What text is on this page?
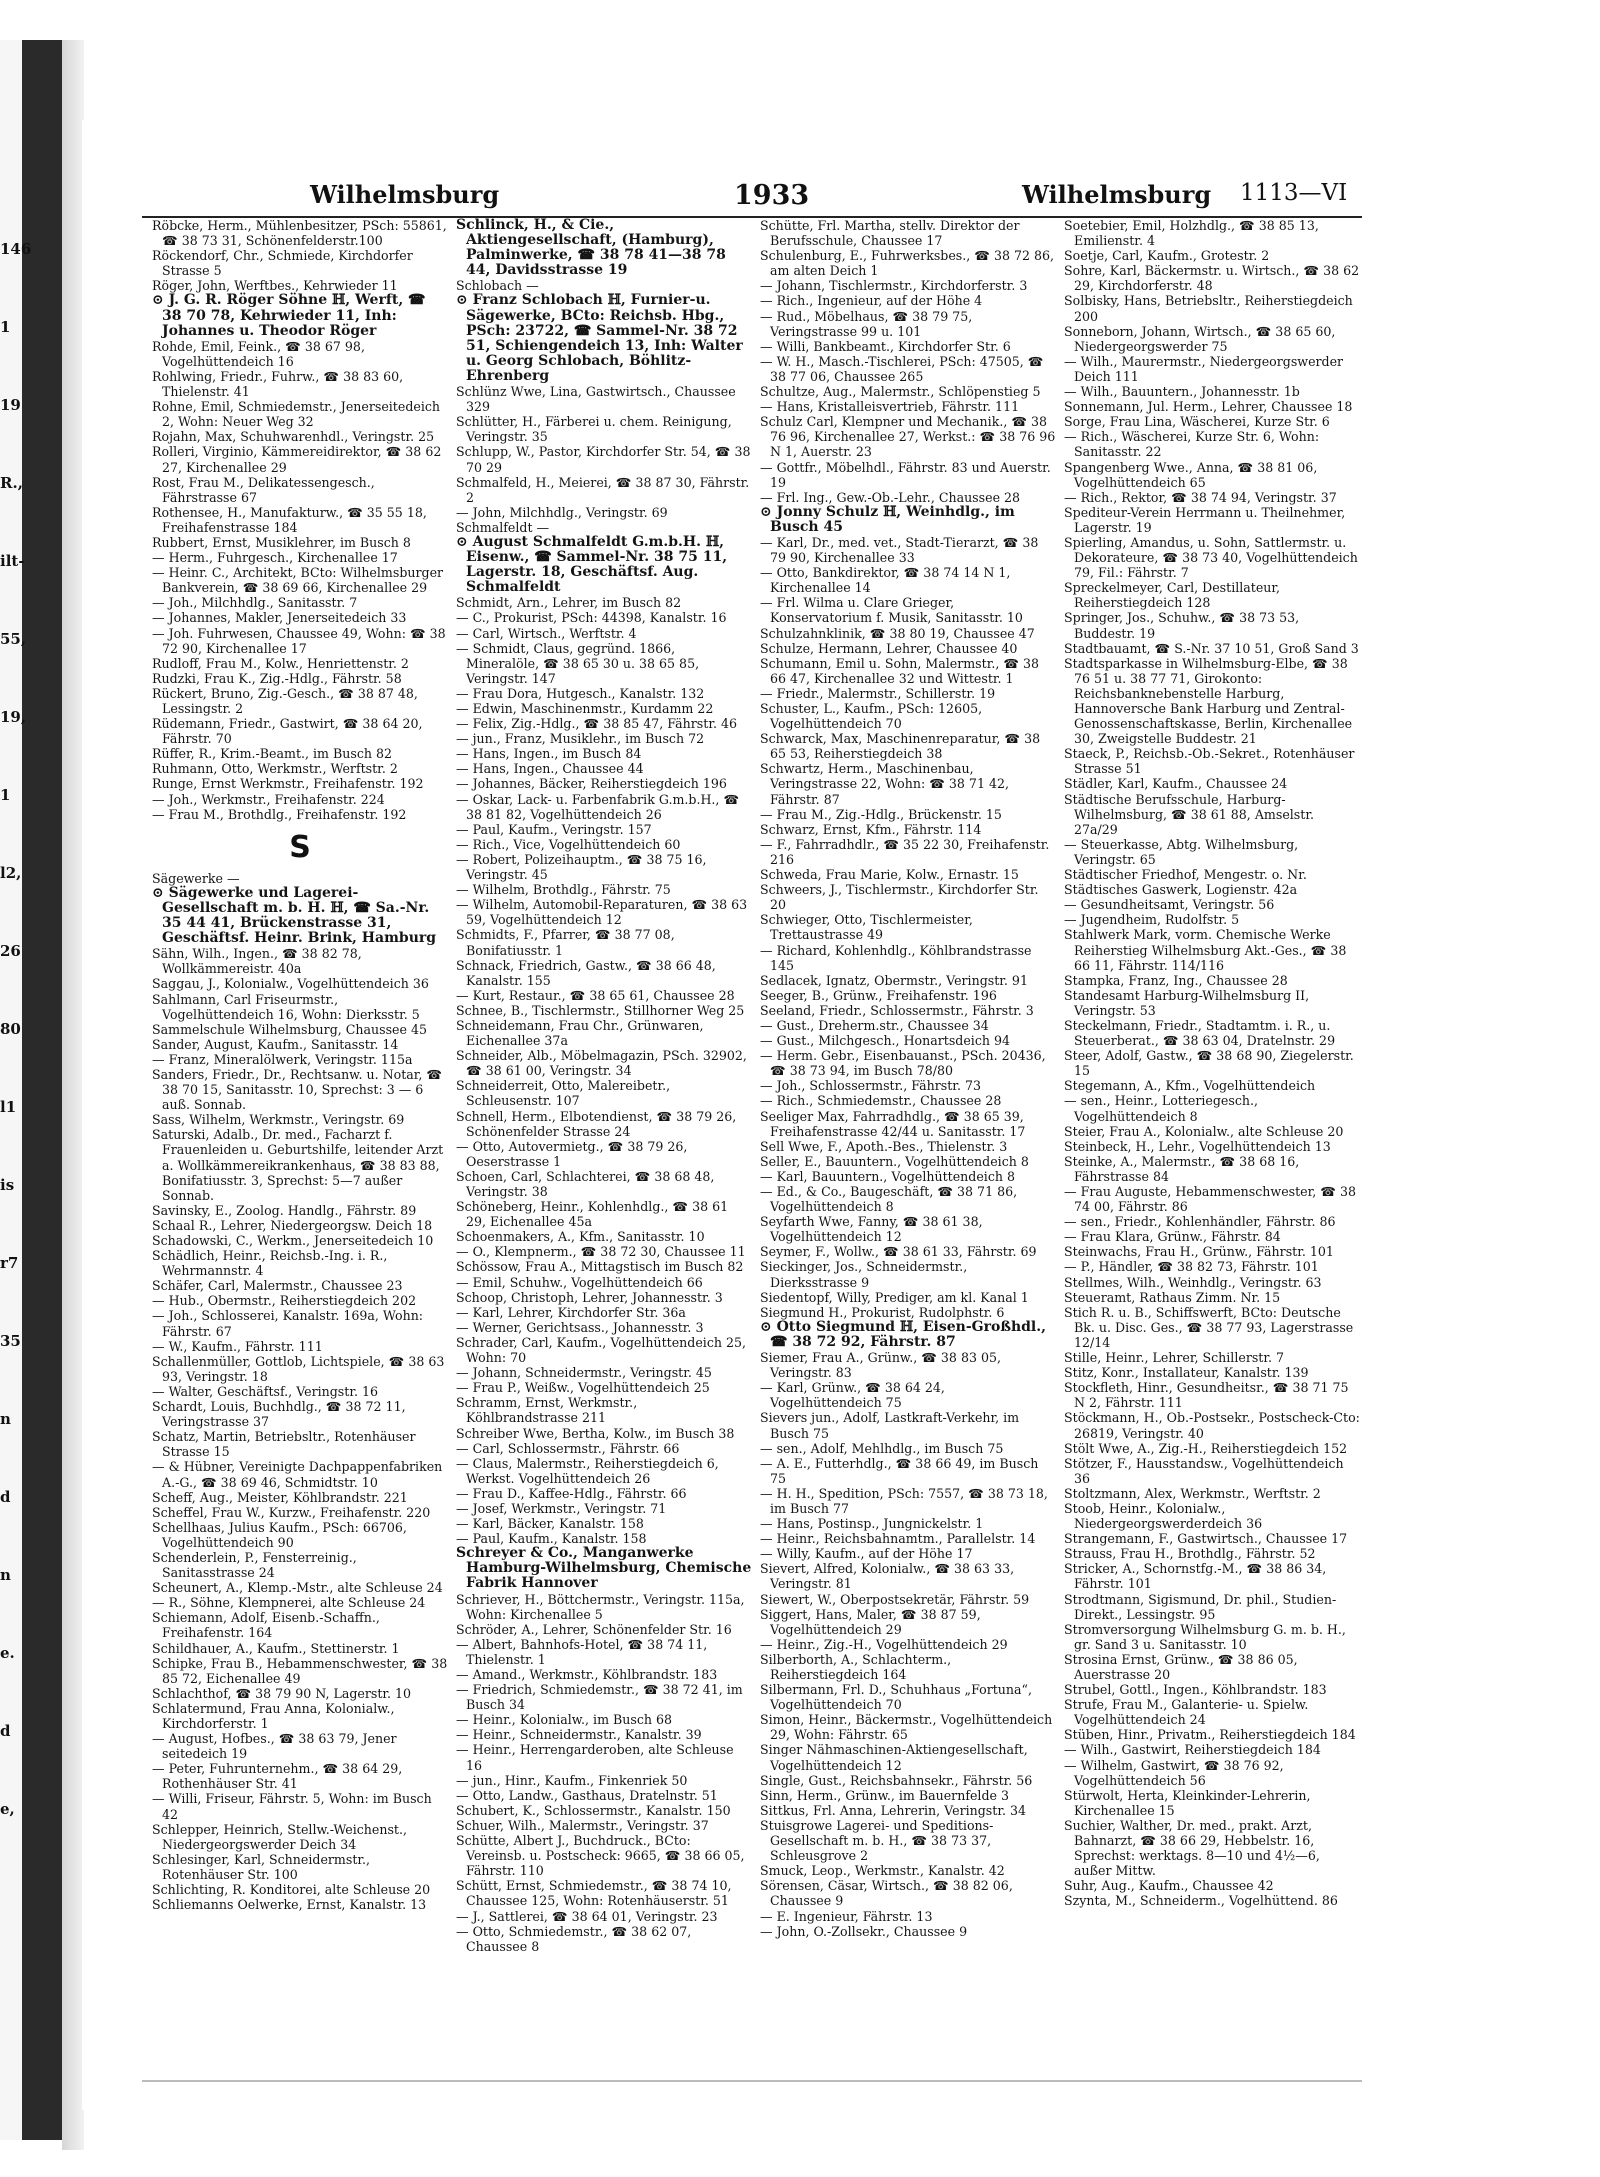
146
1
19
R.,
ilt-
55,
19,
1
l2,
26
80
l1
is
r7
35
n
d
n
e.
d
e,
Wilhelmsburg	1933	Wilhelmsburg 1113—VI

Röbcke, Herm., Mühlenbesitzer, PSch: 55861, ☎ 38 73 31, Schönenfelderstr.100

Röckendorf, Chr., Schmiede, Kirchdorfer Strasse 5

Röger, John, Werftbes., Kehrwieder 11

⊙ J. G. R. Röger Söhne ℍ, Werft, ☎ 38 70 78, Kehrwieder 11, Inh: Johannes u. Theodor Röger

Rohde, Emil, Feink., ☎ 38 67 98, Vogelhüttendeich 16

Rohlwing, Friedr., Fuhrw., ☎ 38 83 60, Thielenstr. 41

Rohne, Emil, Schmiedemstr., Jenerseitedeich 2, Wohn: Neuer Weg 32

Rojahn, Max, Schuhwarenhdl., Veringstr. 25

Rolleri, Virginio, Kämmereidirektor, ☎ 38 62 27, Kirchenallee 29

Rost, Frau M., Delikatessengesch., Fährstrasse 67

Rothensee, H., Manufakturw., ☎ 35 55 18, Freihafenstrasse 184

Rubbert, Ernst, Musiklehrer, im Busch 8

— Herm., Fuhrgesch., Kirchenallee 17

— Heinr. C., Architekt, BCto: Wilhelmsburger Bankverein, ☎ 38 69 66, Kirchenallee 29

— Joh., Milchhdlg., Sanitasstr. 7

— Johannes, Makler, Jenerseitedeich 33

— Joh. Fuhrwesen, Chaussee 49, Wohn: ☎ 38 72 90, Kirchenallee 17

Rudloff, Frau M., Kolw., Henriettenstr. 2

Rudzki, Frau K., Zig.-Hdlg., Fährstr. 58

Rückert, Bruno, Zig.-Gesch., ☎ 38 87 48, Lessingstr. 2

Rüdemann, Friedr., Gastwirt, ☎ 38 64 20, Fährstr. 70

Rüffer, R., Krim.-Beamt., im Busch 82

Ruhmann, Otto, Werkmstr., Werftstr. 2

Runge, Ernst Werkmstr., Freihafenstr. 192

— Joh., Werkmstr., Freihafenstr. 224

— Frau M., Brothdlg., Freihafenstr. 192

S

Sägewerke —

⊙ Sägewerke und Lagerei-Gesellschaft m. b. H. ℍ, ☎ Sa.-Nr. 35 44 41, Brückenstrasse 31, Geschäftsf. Heinr. Brink, Hamburg

Sähn, Wilh., Ingen., ☎ 38 82 78, Wollkämmereistr. 40a

Saggau, J., Kolonialw., Vogelhüttendeich 36

Sahlmann, Carl Friseurmstr., Vogelhüttendeich 16, Wohn: Dierksstr. 5

Sammelschule Wilhelmsburg, Chaussee 45

Sander, August, Kaufm., Sanitasstr. 14

— Franz, Mineralölwerk, Veringstr. 115a

Sanders, Friedr., Dr., Rechtsanw. u. Notar, ☎ 38 70 15, Sanitasstr. 10, Sprechst: 3 — 6 auß. Sonnab.

Sass, Wilhelm, Werkmstr., Veringstr. 69

Saturski, Adalb., Dr. med., Facharzt f. Frauenleiden u. Geburtshilfe, leitender Arzt a. Wollkämmereikrankenhaus, ☎ 38 83 88, Bonifatiusstr. 3, Sprechst: 5—7 außer Sonnab.

Savinsky, E., Zoolog. Handlg., Fährstr. 89

Schaal R., Lehrer, Niedergeorgsw. Deich 18

Schadowski, C., Werkm., Jenerseitedeich 10

Schädlich, Heinr., Reichsb.-Ing. i. R., Wehrmannstr. 4

Schäfer, Carl, Malermstr., Chaussee 23

— Hub., Obermstr., Reiherstiegdeich 202

— Joh., Schlosserei, Kanalstr. 169a, Wohn: Fährstr. 67

— W., Kaufm., Fährstr. 111

Schallenmüller, Gottlob, Lichtspiele, ☎ 38 63 93, Veringstr. 18

— Walter, Geschäftsf., Veringstr. 16

Schardt, Louis, Buchhdlg., ☎ 38 72 11, Veringstrasse 37

Schatz, Martin, Betriebsltr., Rotenhäuser Strasse 15

— & Hübner, Vereinigte Dachpappenfabriken A.-G., ☎ 38 69 46, Schmidtstr. 10

Scheff, Aug., Meister, Köhlbrandstr. 221

Scheffel, Frau W., Kurzw., Freihafenstr. 220

Schellhaas, Julius Kaufm., PSch: 66706, Vogelhüttendeich 90

Schenderlein, P., Fensterreinig., Sanitasstrasse 24

Scheunert, A., Klemp.-Mstr., alte Schleuse 24

— R., Söhne, Klempnerei, alte Schleuse 24

Schiemann, Adolf, Eisenb.-Schaffn., Freihafenstr. 164

Schildhauer, A., Kaufm., Stettinerstr. 1

Schipke, Frau B., Hebammenschwester, ☎ 38 85 72, Eichenallee 49

Schlachthof, ☎ 38 79 90 N, Lagerstr. 10

Schlatermund, Frau Anna, Kolonialw., Kirchdorferstr. 1

— August, Hofbes., ☎ 38 63 79, Jener seitedeich 19

— Peter, Fuhrunternehm., ☎ 38 64 29, Rothenhäuser Str. 41

— Willi, Friseur, Fährstr. 5, Wohn: im Busch 42

Schlepper, Heinrich, Stellw.-Weichenst., Niedergeorgswerder Deich 34

Schlesinger, Karl, Schneidermstr., Rotenhäuser Str. 100

Schlichting, R. Konditorei, alte Schleuse 20

Schliemanns Oelwerke, Ernst, Kanalstr. 13

Schlinck, H., & Cie., Aktiengesellschaft, (Hamburg), Palminwerke, ☎ 38 78 41—38 78 44, Davidsstrasse 19

Schlobach —

⊙ Franz Schlobach ℍ, Furnier-u. Sägewerke, BCto: Reichsb. Hbg., PSch: 23722, ☎ Sammel-Nr. 38 72 51, Schiengendeich 13, Inh: Walter u. Georg Schlobach, Böhlitz-Ehrenberg

Schlünz Wwe, Lina, Gastwirtsch., Chaussee 329

Schlütter, H., Färberei u. chem. Reinigung, Veringstr. 35

Schlupp, W., Pastor, Kirchdorfer Str. 54, ☎ 38 70 29

Schmalfeld, H., Meierei, ☎ 38 87 30, Fährstr. 2

— John, Milchhdlg., Veringstr. 69

Schmalfeldt —

⊙ August Schmalfeldt G.m.b.H. ℍ, Eisenw., ☎ Sammel-Nr. 38 75 11, Lagerstr. 18, Geschäftsf. Aug. Schmalfeldt

Schmidt, Arn., Lehrer, im Busch 82

— C., Prokurist, PSch: 44398, Kanalstr. 16

— Carl, Wirtsch., Werftstr. 4

— Schmidt, Claus, gegründ. 1866, Mineralöle, ☎ 38 65 30 u. 38 65 85, Veringstr. 147

— Frau Dora, Hutgesch., Kanalstr. 132

— Edwin, Maschinenmstr., Kurdamm 22

— Felix, Zig.-Hdlg., ☎ 38 85 47, Fährstr. 46

— jun., Franz, Musiklehr., im Busch 72

— Hans, Ingen., im Busch 84

— Hans, Ingen., Chaussee 44

— Johannes, Bäcker, Reiherstiegdeich 196

— Oskar, Lack- u. Farbenfabrik G.m.b.H., ☎ 38 81 82, Vogelhüttendeich 26

— Paul, Kaufm., Veringstr. 157

— Rich., Vice, Vogelhüttendeich 60

— Robert, Polizeihauptm., ☎ 38 75 16, Veringstr. 45

— Wilhelm, Brothdlg., Fährstr. 75

— Wilhelm, Automobil-Reparaturen, ☎ 38 63 59, Vogelhüttendeich 12

Schmidts, F., Pfarrer, ☎ 38 77 08, Bonifatiusstr. 1

Schnack, Friedrich, Gastw., ☎ 38 66 48, Kanalstr. 155

— Kurt, Restaur., ☎ 38 65 61, Chaussee 28

Schnee, B., Tischlermstr., Stillhorner Weg 25

Schneidemann, Frau Chr., Grünwaren, Eichenallee 37a

Schneider, Alb., Möbelmagazin, PSch. 32902, ☎ 38 61 00, Veringstr. 34

Schneiderreit, Otto, Malereibetr., Schleusenstr. 107

Schnell, Herm., Elbotendienst, ☎ 38 79 26, Schönenfelder Strasse 24

— Otto, Autovermietg., ☎ 38 79 26, Oeserstrasse 1

Schoen, Carl, Schlachterei, ☎ 38 68 48, Veringstr. 38

Schöneberg, Heinr., Kohlenhdlg., ☎ 38 61 29, Eichenallee 45a

Schoenmakers, A., Kfm., Sanitasstr. 10

— O., Klempnerm., ☎ 38 72 30, Chaussee 11

Schössow, Frau A., Mittagstisch im Busch 82

— Emil, Schuhw., Vogelhüttendeich 66

Schoop, Christoph, Lehrer, Johannesstr. 3

— Karl, Lehrer, Kirchdorfer Str. 36a

— Werner, Gerichtsass., Johannesstr. 3

Schrader, Carl, Kaufm., Vogelhüttendeich 25, Wohn: 70

— Johann, Schneidermstr., Veringstr. 45

— Frau P., Weißw., Vogelhüttendeich 25

Schramm, Ernst, Werkmstr., Köhlbrandstrasse 211

Schreiber Wwe, Bertha, Kolw., im Busch 38

— Carl, Schlossermstr., Fährstr. 66

— Claus, Malermstr., Reiherstiegdeich 6, Werkst. Vogelhüttendeich 26

— Frau D., Kaffee-Hdlg., Fährstr. 66

— Josef, Werkmstr., Veringstr. 71

— Karl, Bäcker, Kanalstr. 158

— Paul, Kaufm., Kanalstr. 158

Schreyer & Co., Manganwerke Hamburg-Wilhelmsburg, Chemische Fabrik Hannover

Schriever, H., Böttchermstr., Veringstr. 115a, Wohn: Kirchenallee 5

Schröder, A., Lehrer, Schönenfelder Str. 16

— Albert, Bahnhofs-Hotel, ☎ 38 74 11, Thielenstr. 1

— Amand., Werkmstr., Köhlbrandstr. 183

— Friedrich, Schmiedemstr., ☎ 38 72 41, im Busch 34

— Heinr., Kolonialw., im Busch 68

— Heinr., Schneidermstr., Kanalstr. 39

— Heinr., Herrengarderoben, alte Schleuse 16

— jun., Hinr., Kaufm., Finkenriek 50

— Otto, Landw., Gasthaus, Dratelnstr. 51

Schubert, K., Schlossermstr., Kanalstr. 150

Schuer, Wilh., Malermstr., Veringstr. 37

Schütte, Albert J., Buchdruck., BCto: Vereinsb. u. Postscheck: 9665, ☎ 38 66 05, Fährstr. 110

Schütt, Ernst, Schmiedemstr., ☎ 38 74 10, Chaussee 125, Wohn: Rotenhäuserstr. 51

— J., Sattlerei, ☎ 38 64 01, Veringstr. 23

— Otto, Schmiedemstr., ☎ 38 62 07, Chaussee 8

Schütte, Frl. Martha, stellv. Direktor der Berufsschule, Chaussee 17

Schulenburg, E., Fuhrwerksbes., ☎ 38 72 86, am alten Deich 1

— Johann, Tischlermstr., Kirchdorferstr. 3

— Rich., Ingenieur, auf der Höhe 4

— Rud., Möbelhaus, ☎ 38 79 75, Veringstrasse 99 u. 101

— Willi, Bankbeamt., Kirchdorfer Str. 6

— W. H., Masch.-Tischlerei, PSch: 47505, ☎ 38 77 06, Chaussee 265

Schultze, Aug., Malermstr., Schlöpenstieg 5

— Hans, Kristalleisvertrieb, Fährstr. 111

Schulz Carl, Klempner und Mechanik., ☎ 38 76 96, Kirchenallee 27, Werkst.: ☎ 38 76 96 N 1, Auerstr. 23

— Gottfr., Möbelhdl., Fährstr. 83 und Auerstr. 19

— Frl. Ing., Gew.-Ob.-Lehr., Chaussee 28

⊙ Jonny Schulz ℍ, Weinhdlg., im Busch 45

— Karl, Dr., med. vet., Stadt-Tierarzt, ☎ 38 79 90, Kirchenallee 33

— Otto, Bankdirektor, ☎ 38 74 14 N 1, Kirchenallee 14

— Frl. Wilma u. Clare Grieger, Konservatorium f. Musik, Sanitasstr. 10

Schulzahnklinik, ☎ 38 80 19, Chaussee 47

Schulze, Hermann, Lehrer, Chaussee 40

Schumann, Emil u. Sohn, Malermstr., ☎ 38 66 47, Kirchenallee 32 und Wittestr. 1

— Friedr., Malermstr., Schillerstr. 19

Schuster, L., Kaufm., PSch: 12605, Vogelhüttendeich 70

Schwarck, Max, Maschinenreparatur, ☎ 38 65 53, Reiherstiegdeich 38

Schwartz, Herm., Maschinenbau, Veringstrasse 22, Wohn: ☎ 38 71 42, Fährstr. 87

— Frau M., Zig.-Hdlg., Brückenstr. 15

Schwarz, Ernst, Kfm., Fährstr. 114

— F., Fahrradhdlr., ☎ 35 22 30, Freihafenstr. 216

Schweda, Frau Marie, Kolw., Ernastr. 15

Schweers, J., Tischlermstr., Kirchdorfer Str. 20

Schwieger, Otto, Tischlermeister, Trettaustrasse 49

— Richard, Kohlenhdlg., Köhlbrandstrasse 145

Sedlacek, Ignatz, Obermstr., Veringstr. 91

Seeger, B., Grünw., Freihafenstr. 196

Seeland, Friedr., Schlossermstr., Fährstr. 3

— Gust., Dreherm.str., Chaussee 34

— Gust., Milchgesch., Honartsdeich 94

— Herm. Gebr., Eisenbauanst., PSch. 20436, ☎ 38 73 94, im Busch 78/80

— Joh., Schlossermstr., Fährstr. 73

— Rich., Schmiedemstr., Chaussee 28

Seeliger Max, Fahrradhdlg., ☎ 38 65 39, Freihafenstrasse 42/44 u. Sanitasstr. 17

Sell Wwe, F., Apoth.-Bes., Thielenstr. 3

Seller, E., Bauuntern., Vogelhüttendeich 8

— Karl, Bauuntern., Vogelhüttendeich 8

— Ed., & Co., Baugeschäft, ☎ 38 71 86, Vogelhüttendeich 8

Seyfarth Wwe, Fanny, ☎ 38 61 38, Vogelhüttendeich 12

Seymer, F., Wollw., ☎ 38 61 33, Fährstr. 69

Sieckinger, Jos., Schneidermstr., Dierksstrasse 9

Siedentopf, Willy, Prediger, am kl. Kanal 1

Siegmund H., Prokurist, Rudolphstr. 6

⊙ Otto Siegmund ℍ, Eisen-Großhdl., ☎ 38 72 92, Fährstr. 87

Siemer, Frau A., Grünw., ☎ 38 83 05, Veringstr. 83

— Karl, Grünw., ☎ 38 64 24, Vogelhüttendeich 75

Sievers jun., Adolf, Lastkraft-Verkehr, im Busch 75

— sen., Adolf, Mehlhdlg., im Busch 75

— A. E., Futterhdlg., ☎ 38 66 49, im Busch 75

— H. H., Spedition, PSch: 7557, ☎ 38 73 18, im Busch 77

— Hans, Postinsp., Jungnickelstr. 1

— Heinr., Reichsbahnamtm., Parallelstr. 14

— Willy, Kaufm., auf der Höhe 17

Sievert, Alfred, Kolonialw., ☎ 38 63 33, Veringstr. 81

Siewert, W., Oberpostsekretär, Fährstr. 59

Siggert, Hans, Maler, ☎ 38 87 59, Vogelhüttendeich 29

— Heinr., Zig.-H., Vogelhüttendeich 29

Silberborth, A., Schlachterm., Reiherstiegdeich 164

Silbermann, Frl. D., Schuhhaus „Fortuna“, Vogelhüttendeich 70

Simon, Heinr., Bäckermstr., Vogelhüttendeich 29, Wohn: Fährstr. 65

Singer Nähmaschinen-Aktiengesellschaft, Vogelhüttendeich 12

Single, Gust., Reichsbahnsekr., Fährstr. 56

Sinn, Herm., Grünw., im Bauernfelde 3

Sittkus, Frl. Anna, Lehrerin, Veringstr. 34

Stuisgrowe Lagerei- und Speditions-Gesellschaft m. b. H., ☎ 38 73 37, Schleusgrove 2

Smuck, Leop., Werkmstr., Kanalstr. 42

Sörensen, Cäsar, Wirtsch., ☎ 38 82 06, Chaussee 9

— E. Ingenieur, Fährstr. 13

— John, O.-Zollsekr., Chaussee 9

Soetebier, Emil, Holzhdlg., ☎ 38 85 13, Emilienstr. 4

Soetje, Carl, Kaufm., Grotestr. 2

Sohre, Karl, Bäckermstr. u. Wirtsch., ☎ 38 62 29, Kirchdorferstr. 48

Solbisky, Hans, Betriebsltr., Reiherstiegdeich 200

Sonneborn, Johann, Wirtsch., ☎ 38 65 60, Niedergeorgswerder 75

— Wilh., Maurermstr., Niedergeorgswerder Deich 111

— Wilh., Bauuntern., Johannesstr. 1b

Sonnemann, Jul. Herm., Lehrer, Chaussee 18

Sorge, Frau Lina, Wäscherei, Kurze Str. 6

— Rich., Wäscherei, Kurze Str. 6, Wohn: Sanitasstr. 22

Spangenberg Wwe., Anna, ☎ 38 81 06, Vogelhüttendeich 65

— Rich., Rektor, ☎ 38 74 94, Veringstr. 37

Spediteur-Verein Herrmann u. Theilnehmer, Lagerstr. 19

Spierling, Amandus, u. Sohn, Sattlermstr. u. Dekorateure, ☎ 38 73 40, Vogelhüttendeich 79, Fil.: Fährstr. 7

Spreckelmeyer, Carl, Destillateur, Reiherstiegdeich 128

Springer, Jos., Schuhw., ☎ 38 73 53, Buddestr. 19

Stadtbauamt, ☎ S.-Nr. 37 10 51, Groß Sand 3

Stadtsparkasse in Wilhelmsburg-Elbe, ☎ 38 76 51 u. 38 77 71, Girokonto: Reichsbanknebenstelle Harburg, Hannoversche Bank Harburg und Zentral-Genossenschaftskasse, Berlin, Kirchenallee 30, Zweigstelle Buddestr. 21

Staeck, P., Reichsb.-Ob.-Sekret., Rotenhäuser Strasse 51

Städler, Karl, Kaufm., Chaussee 24

Städtische Berufsschule, Harburg-Wilhelmsburg, ☎ 38 61 88, Amselstr. 27a/29

— Steuerkasse, Abtg. Wilhelmsburg, Veringstr. 65

Städtischer Friedhof, Mengestr. o. Nr.

Städtisches Gaswerk, Logienstr. 42a

— Gesundheitsamt, Veringstr. 56

— Jugendheim, Rudolfstr. 5

Stahlwerk Mark, vorm. Chemische Werke Reiherstieg Wilhelmsburg Akt.-Ges., ☎ 38 66 11, Fährstr. 114/116

Stampka, Franz, Ing., Chaussee 28

Standesamt Harburg-Wilhelmsburg II, Veringstr. 53

Steckelmann, Friedr., Stadtamtm. i. R., u. Steuerberat., ☎ 38 63 04, Dratelnstr. 29

Steer, Adolf, Gastw., ☎ 38 68 90, Ziegelerstr. 15

Stegemann, A., Kfm., Vogelhüttendeich

— sen., Heinr., Lotteriegesch., Vogelhüttendeich 8

Steier, Frau A., Kolonialw., alte Schleuse 20

Steinbeck, H., Lehr., Vogelhüttendeich 13

Steinke, A., Malermstr., ☎ 38 68 16, Fährstrasse 84

— Frau Auguste, Hebammenschwester, ☎ 38 74 00, Fährstr. 86

— sen., Friedr., Kohlenhändler, Fährstr. 86

— Frau Klara, Grünw., Fährstr. 84

Steinwachs, Frau H., Grünw., Fährstr. 101

— P., Händler, ☎ 38 82 73, Fährstr. 101

Stellmes, Wilh., Weinhdlg., Veringstr. 63

Steueramt, Rathaus Zimm. Nr. 15

Stich R. u. B., Schiffswerft, BCto: Deutsche Bk. u. Disc. Ges., ☎ 38 77 93, Lagerstrasse 12/14

Stille, Heinr., Lehrer, Schillerstr. 7

Stitz, Konr., Installateur, Kanalstr. 139

Stockfleth, Hinr., Gesundheitsr., ☎ 38 71 75 N 2, Fährstr. 111

Stöckmann, H., Ob.-Postsekr., Postscheck-Cto: 26819, Veringstr. 40

Stölt Wwe, A., Zig.-H., Reiherstiegdeich 152

Stötzer, F., Hausstandsw., Vogelhüttendeich 36

Stoltzmann, Alex, Werkmstr., Werftstr. 2

Stoob, Heinr., Kolonialw., Niedergeorgswerderdeich 36

Strangemann, F., Gastwirtsch., Chaussee 17

Strauss, Frau H., Brothdlg., Fährstr. 52

Stricker, A., Schornstfg.-M., ☎ 38 86 34, Fährstr. 101

Strodtmann, Sigismund, Dr. phil., Studien-Direkt., Lessingstr. 95

Stromversorgung Wilhelmsburg G. m. b. H., gr. Sand 3 u. Sanitasstr. 10

Strosina Ernst, Grünw., ☎ 38 86 05, Auerstrasse 20

Strubel, Gottl., Ingen., Köhlbrandstr. 183

Strufe, Frau M., Galanterie- u. Spielw. Vogelhüttendeich 24

Stüben, Hinr., Privatm., Reiherstiegdeich 184

— Wilh., Gastwirt, Reiherstiegdeich 184

— Wilhelm, Gastwirt, ☎ 38 76 92, Vogelhüttendeich 56

Stürwolt, Herta, Kleinkinder-Lehrerin, Kirchenallee 15

Suchier, Walther, Dr. med., prakt. Arzt, Bahnarzt, ☎ 38 66 29, Hebbelstr. 16, Sprechst: werktags. 8—10 und 4½—6, außer Mittw.

Suhr, Aug., Kaufm., Chaussee 42

Szynta, M., Schneiderm., Vogelhüttend. 86
